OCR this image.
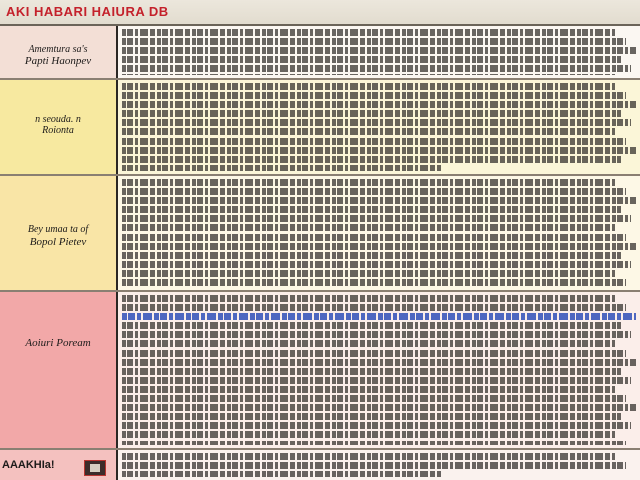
AKI HABARI HAIURA DB
Amemtura sa's
Papti Haonpev
n seouda. n
Roionta
Bey umaa ta of
Bopol Pietev
Aoiuri Poream
AAAKHIa!
